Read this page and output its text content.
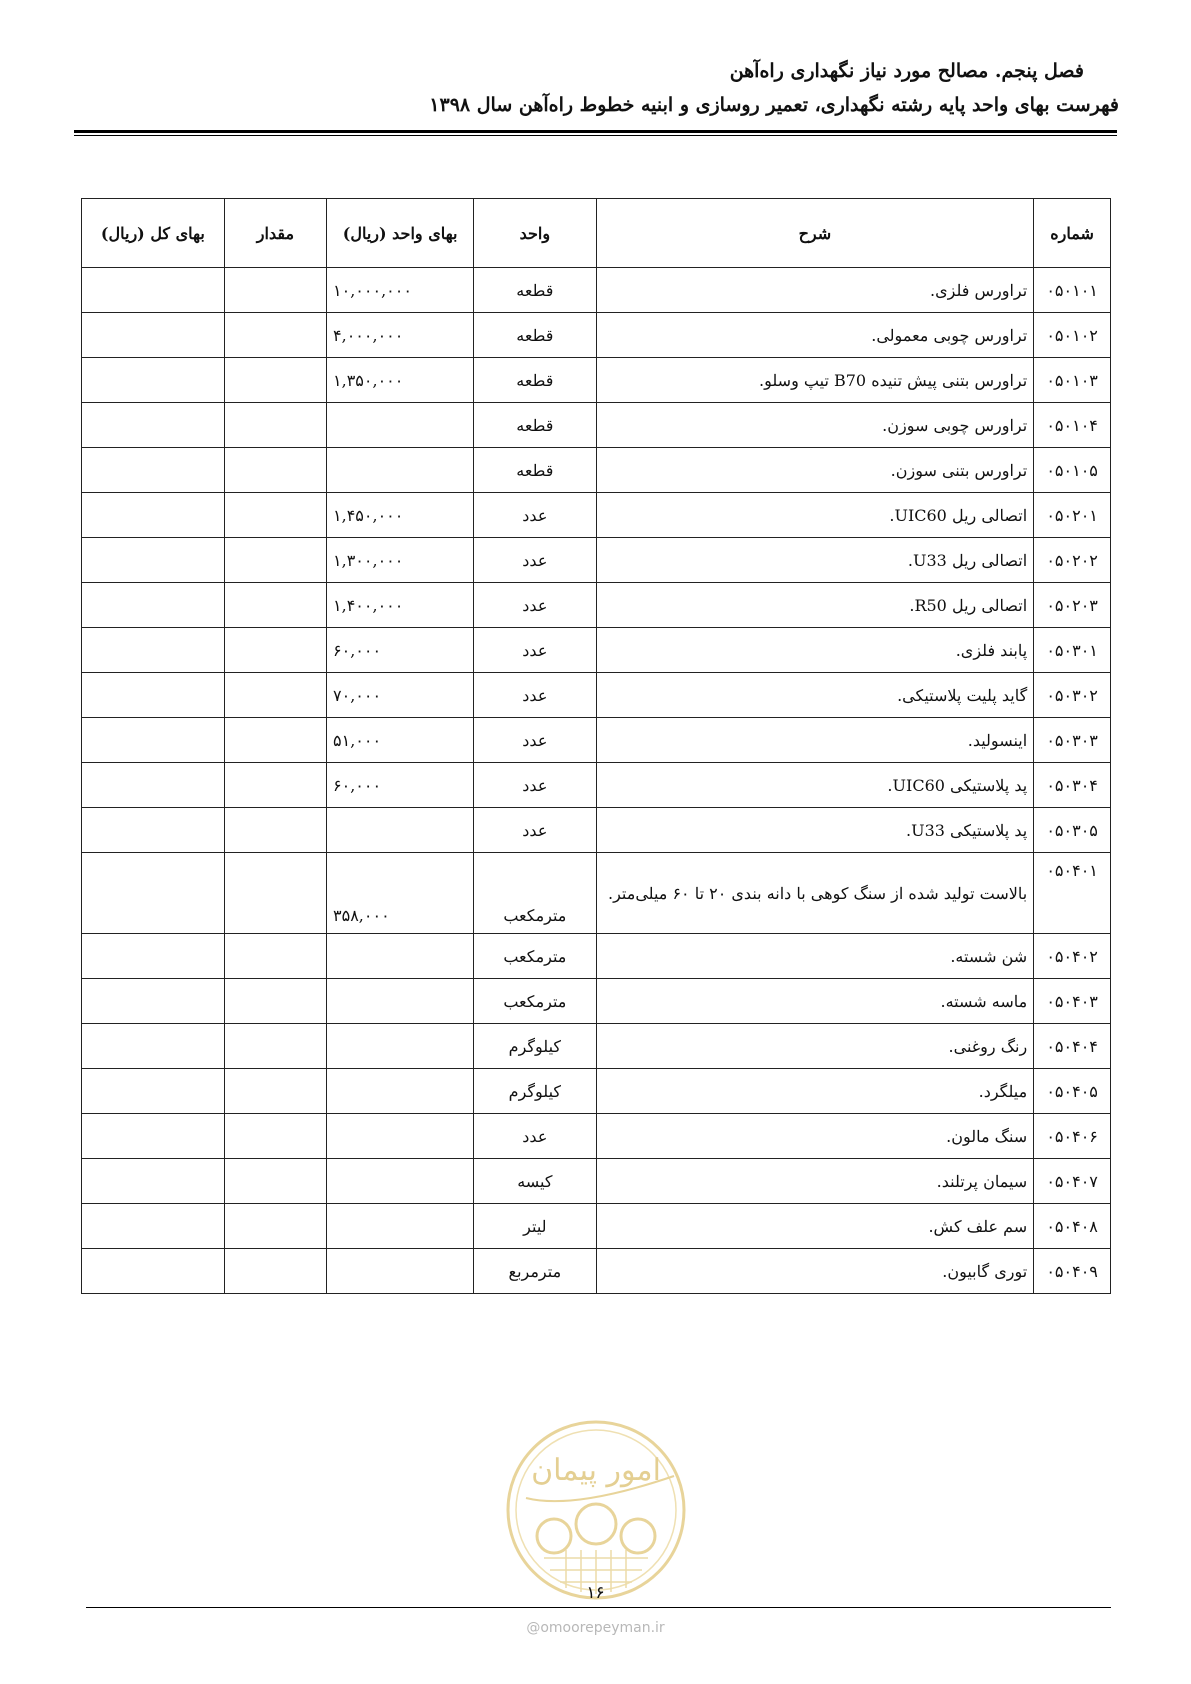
فصل پنجم. مصالح مورد نیاز نگهداری راه‌آهن
فهرست بهای واحد پایه رشته نگهداری، تعمیر روسازی و ابنیه خطوط راه‌آهن سال ۱۳۹۸
شماره	شرح	واحد	بهای واحد (ریال)	مقدار	بهای کل (ریال)
۰۵۰۱۰۱	تراورس فلزی.	قطعه	۱۰,۰۰۰,۰۰۰		
۰۵۰۱۰۲	تراورس چوبی معمولی.	قطعه	۴,۰۰۰,۰۰۰		
۰۵۰۱۰۳	تراورس بتنی پیش تنیده B70 تیپ وسلو.	قطعه	۱,۳۵۰,۰۰۰		
۰۵۰۱۰۴	تراورس چوبی سوزن.	قطعه			
۰۵۰۱۰۵	تراورس بتنی سوزن.	قطعه			
۰۵۰۲۰۱	اتصالی ریل UIC60.	عدد	۱,۴۵۰,۰۰۰		
۰۵۰۲۰۲	اتصالی ریل U33.	عدد	۱,۳۰۰,۰۰۰		
۰۵۰۲۰۳	اتصالی ریل R50.	عدد	۱,۴۰۰,۰۰۰		
۰۵۰۳۰۱	پابند فلزی.	عدد	۶۰,۰۰۰		
۰۵۰۳۰۲	گاید پلیت پلاستیکی.	عدد	۷۰,۰۰۰		
۰۵۰۳۰۳	اینسولید.	عدد	۵۱,۰۰۰		
۰۵۰۳۰۴	پد پلاستیکی UIC60.	عدد	۶۰,۰۰۰		
۰۵۰۳۰۵	پد پلاستیکی U33.	عدد			
۰۵۰۴۰۱	بالاست تولید شده از سنگ کوهی با دانه بندی ۲۰ تا ۶۰ میلی‌متر.	مترمکعب	۳۵۸,۰۰۰		
۰۵۰۴۰۲	شن شسته.	مترمکعب			
۰۵۰۴۰۳	ماسه شسته.	مترمکعب			
۰۵۰۴۰۴	رنگ روغنی.	کیلوگرم			
۰۵۰۴۰۵	میلگرد.	کیلوگرم			
۰۵۰۴۰۶	سنگ مالون.	عدد			
۰۵۰۴۰۷	سیمان پرتلند.	کیسه			
۰۵۰۴۰۸	سم علف کش.	لیتر			
۰۵۰۴۰۹	توری گابیون.	مترمربع			
امور پیمان
۱۶
@omoorepeyman.ir
